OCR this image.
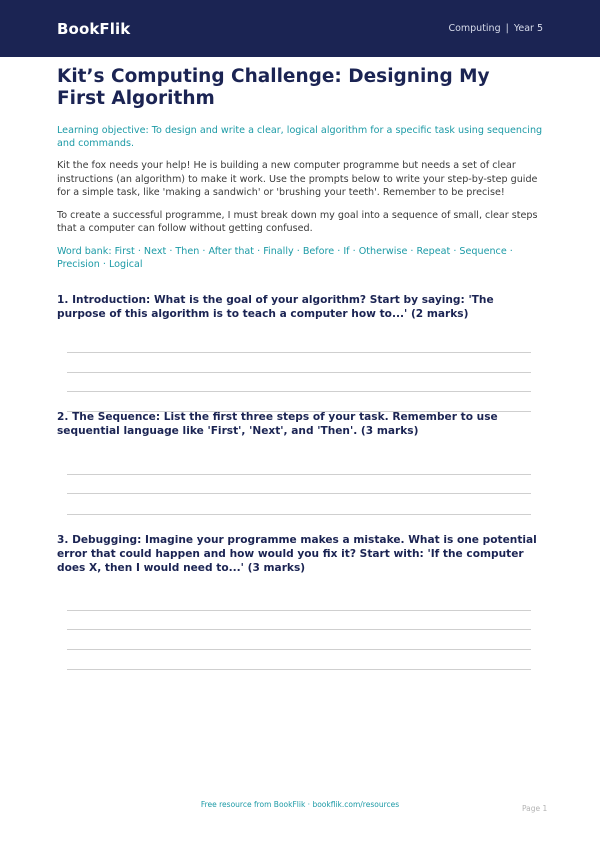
BookFlik	Computing | Year 5
Kit’s Computing Challenge: Designing My First Algorithm

Learning objective: To design and write a clear, logical algorithm for a specific task using sequencing and commands.

Kit the fox needs your help! He is building a new computer programme but needs a set of clear instructions (an algorithm) to make it work. Use the prompts below to write your step-by-step guide for a simple task, like 'making a sandwich' or 'brushing your teeth'. Remember to be precise!

To create a successful programme, I must break down my goal into a sequence of small, clear steps that a computer can follow without getting confused.

Word bank: First · Next · Then · After that · Finally · Before · If · Otherwise · Repeat · Sequence · Precision · Logical

1. Introduction: What is the goal of your algorithm? Start by saying: 'The purpose of this algorithm is to teach a computer how to...' (2 marks)
2. The Sequence: List the first three steps of your task. Remember to use sequential language like 'First', 'Next', and 'Then'. (3 marks)
3. Debugging: Imagine your programme makes a mistake. What is one potential error that could happen and how would you fix it? Start with: 'If the computer does X, then I would need to...' (3 marks)
Free resource from BookFlik · bookflik.com/resources	Page 1
